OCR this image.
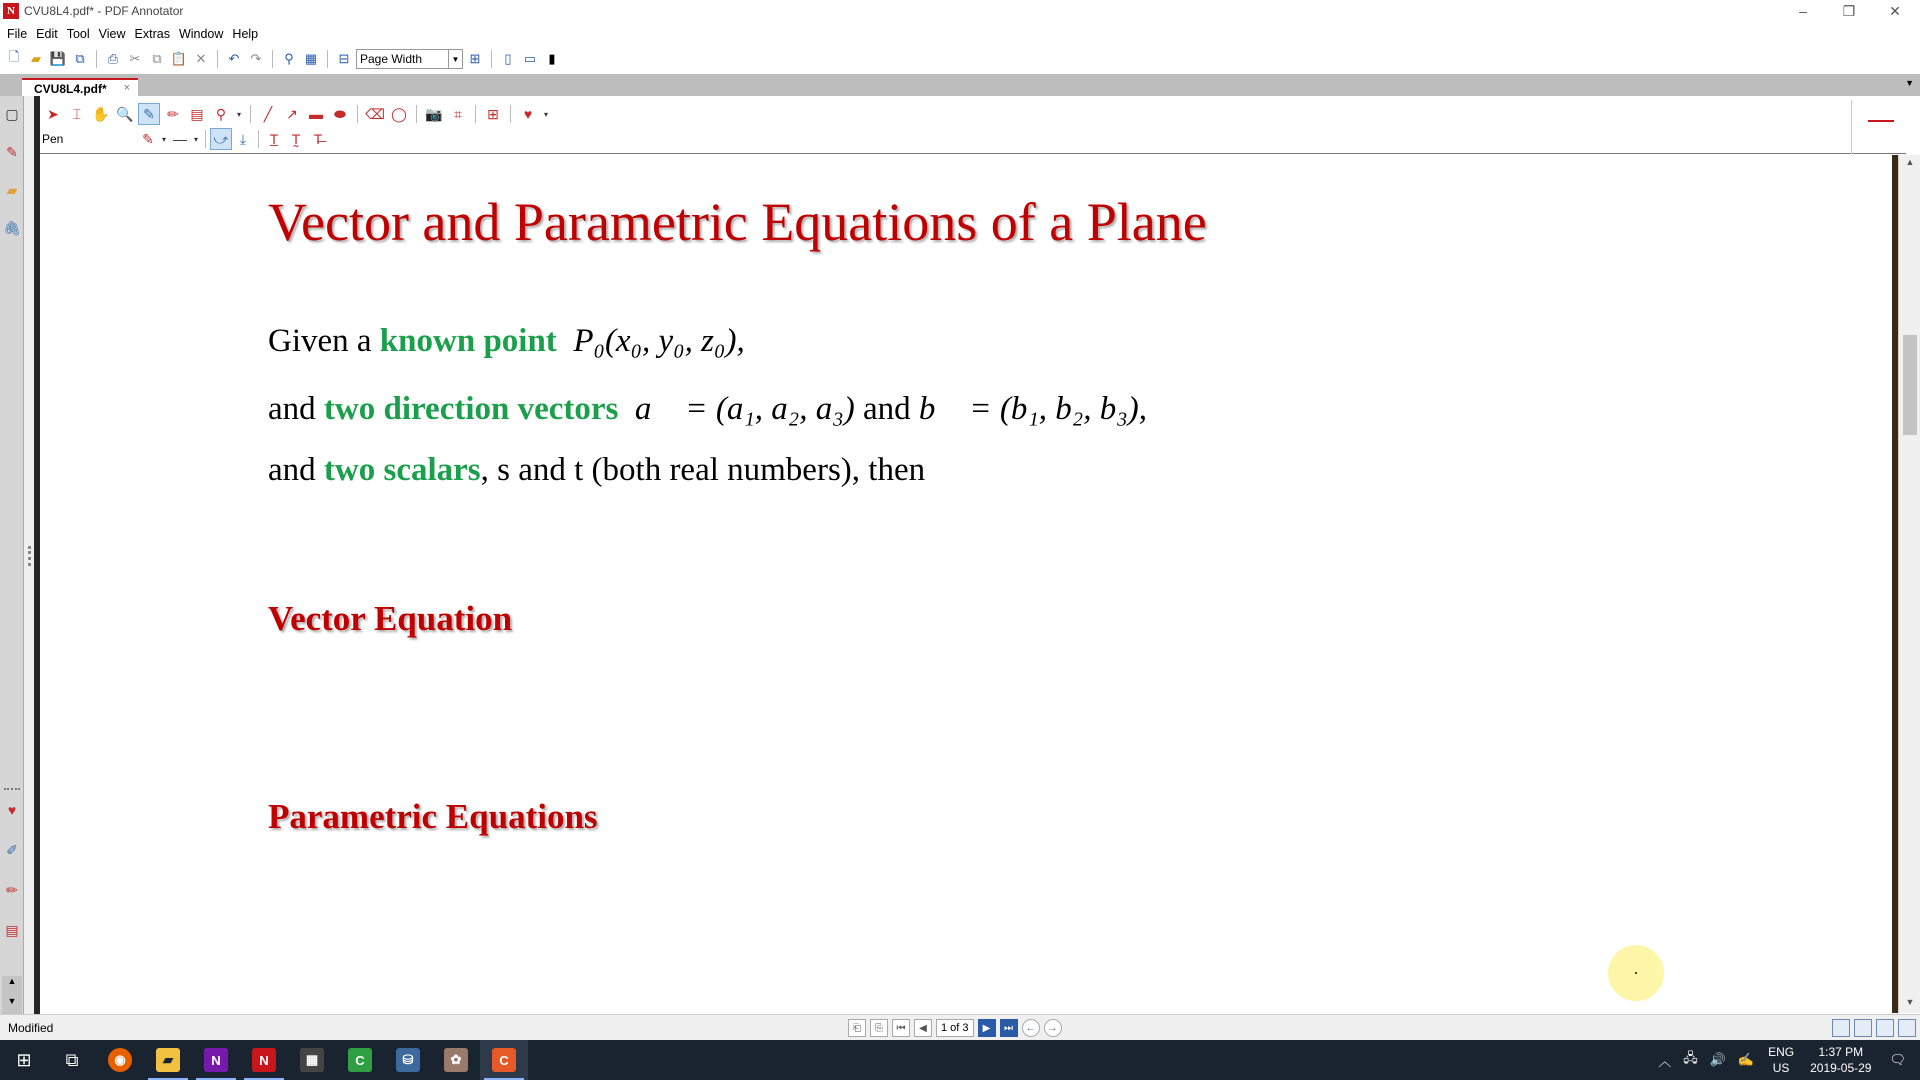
N CVU8L4.pdf* - PDF Annotator	–	❐	✕
File Edit Tool View Extras Window Help
🗋 ▰ 💾 ⧉	⎙ ✂ ⧉ 📋 ✕	↶ ↷	⚲ ▦	⊟ Page Width	▼ ⊞	▯ ▭ ▮
CVU8L4.pdf* ×	▼
▢
✎
▰
🖇
♥
✐
✏
▤
▲

▼
➤ ⌶ ✋ 🔍 ✎ ✏ ▤ ⚲	▾	╱ ↗ ▬ ⬬	⌫ ◯ 📷 ⌗	⊞	♥	▾
Pen	✎	▾ — ▾ ⤻ ⤓	T̲ T̰ T̶
Vector and Parametric Equations of a Plane
Given a known point P₀(x₀, y₀, z₀),
and two direction vectors a⃗ = (a₁, a₂, a₃) and b⃗ = (b₁, b₂, b₃),
and two scalars, s and t (both real numbers), then
Vector Equation
Parametric Equations
▲
▼
Modified	⎗	⎘	⏮	◀	1 of 3	▶	⏭	←	→
⊞	⧉	◉	▰	N	N	▦	C	⛁	✿	C	︿ 🖧 🔊 ✍ ENG
US
1:37 PM
2019-05-29
🗨
